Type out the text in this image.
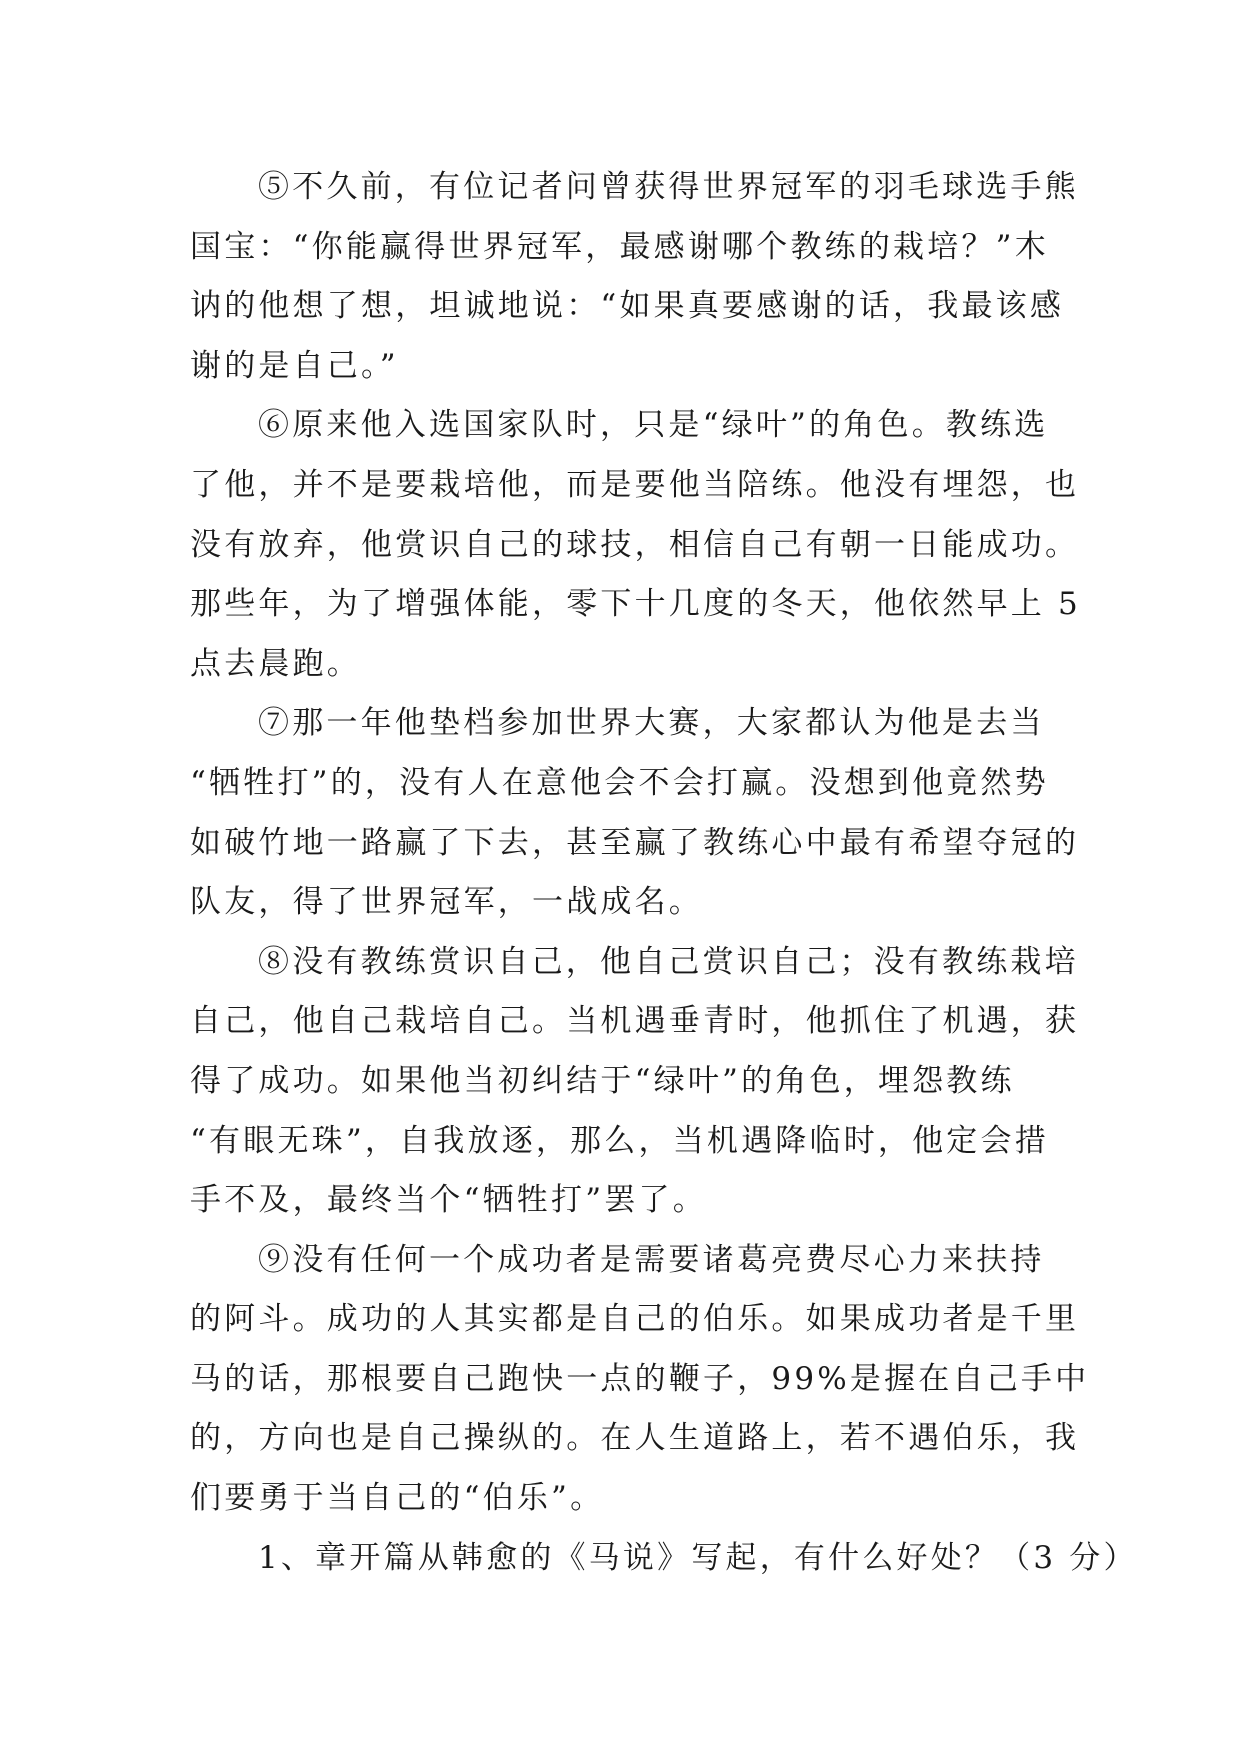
⑤不久前，有位记者问曾获得世界冠军的羽毛球选手熊
国宝：“你能赢得世界冠军，最感谢哪个教练的栽培？”木
讷的他想了想，坦诚地说：“如果真要感谢的话，我最该感
谢的是自己。”

⑥原来他入选国家队时，只是“绿叶”的角色。教练选
了他，并不是要栽培他，而是要他当陪练。他没有埋怨，也
没有放弃，他赏识自己的球技，相信自己有朝一日能成功。
那些年，为了增强体能，零下十几度的冬天，他依然早上 5
点去晨跑。

⑦那一年他垫档参加世界大赛，大家都认为他是去当
“牺牲打”的，没有人在意他会不会打赢。没想到他竟然势
如破竹地一路赢了下去，甚至赢了教练心中最有希望夺冠的
队友，得了世界冠军，一战成名。

⑧没有教练赏识自己，他自己赏识自己；没有教练栽培
自己，他自己栽培自己。当机遇垂青时，他抓住了机遇，获
得了成功。如果他当初纠结于“绿叶”的角色，埋怨教练
“有眼无珠”，自我放逐，那么，当机遇降临时，他定会措
手不及，最终当个“牺牲打”罢了。

⑨没有任何一个成功者是需要诸葛亮费尽心力来扶持
的阿斗。成功的人其实都是自己的伯乐。如果成功者是千里
马的话，那根要自己跑快一点的鞭子，99%是握在自己手中
的，方向也是自己操纵的。在人生道路上，若不遇伯乐，我
们要勇于当自己的“伯乐”。

1、章开篇从韩愈的《马说》写起，有什么好处？（3 分）
